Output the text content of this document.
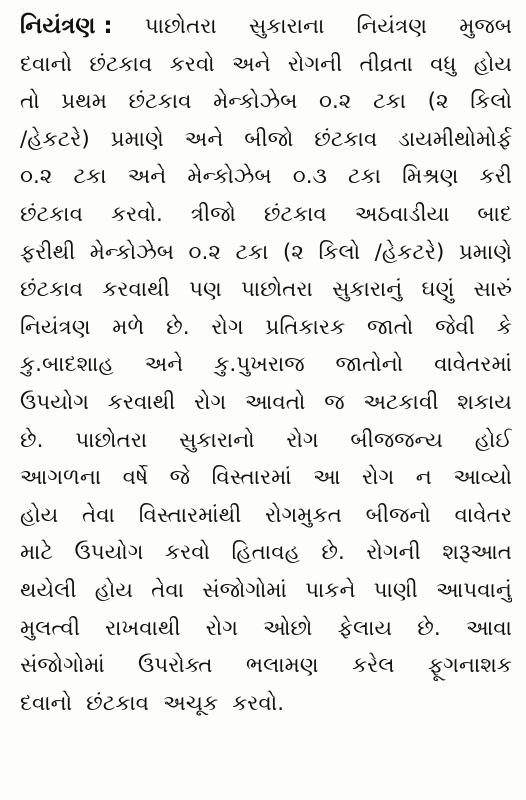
નિયંત્રણ : પાછોતરા સુકારાના નિયંત્રણ મુજબ
દવાનો છંટકાવ કરવો અને રોગની તીવ્રતા વધુ હોય
તો પ્રથમ છંટકાવ મેન્કોઝેબ ૦.૨ ટકા (૨ કિલો
/હેકટરે) પ્રમાણે અને બીજો છંટકાવ ડાયમીથોમોર્ફ
૦.૨ ટકા અને મેન્કોઝેબ ૦.૩ ટકા મિશ્રણ કરી
છંટકાવ કરવો. ત્રીજો છંટકાવ અઠવાડીયા બાદ
ફરીથી મેન્કોઝેબ ૦.૨ ટકા (૨ કિલો /હેકટરે) પ્રમાણે
છંટકાવ કરવાથી પણ પાછોતરા સુકારાનું ઘણું સારું
નિયંત્રણ મળે છે. રોગ પ્રતિકારક જાતો જેવી કે
કુ.બાદશાહ અને કુ.પુખરાજ જાતોનો વાવેતરમાં
ઉપયોગ કરવાથી રોગ આવતો જ અટકાવી શકાય
છે. પાછોતરા સુકારાનો રોગ બીજજન્ય હોઈ
આગળના વર્ષે જે વિસ્તારમાં આ રોગ ન આવ્યો
હોય તેવા વિસ્તારમાંથી રોગમુકત બીજનો વાવેતર
માટે ઉપયોગ કરવો હિતાવહ છે. રોગની શરૂઆત
થયેલી હોય તેવા સંજોગોમાં પાકને પાણી આપવાનું
મુલત્વી રાખવાથી રોગ ઓછો ફેલાય છે. આવા
સંજોગોમાં ઉપરોક્ત ભલામણ કરેલ ફૂગનાશક
દવાનો છંટકાવ અચૂક કરવો.
